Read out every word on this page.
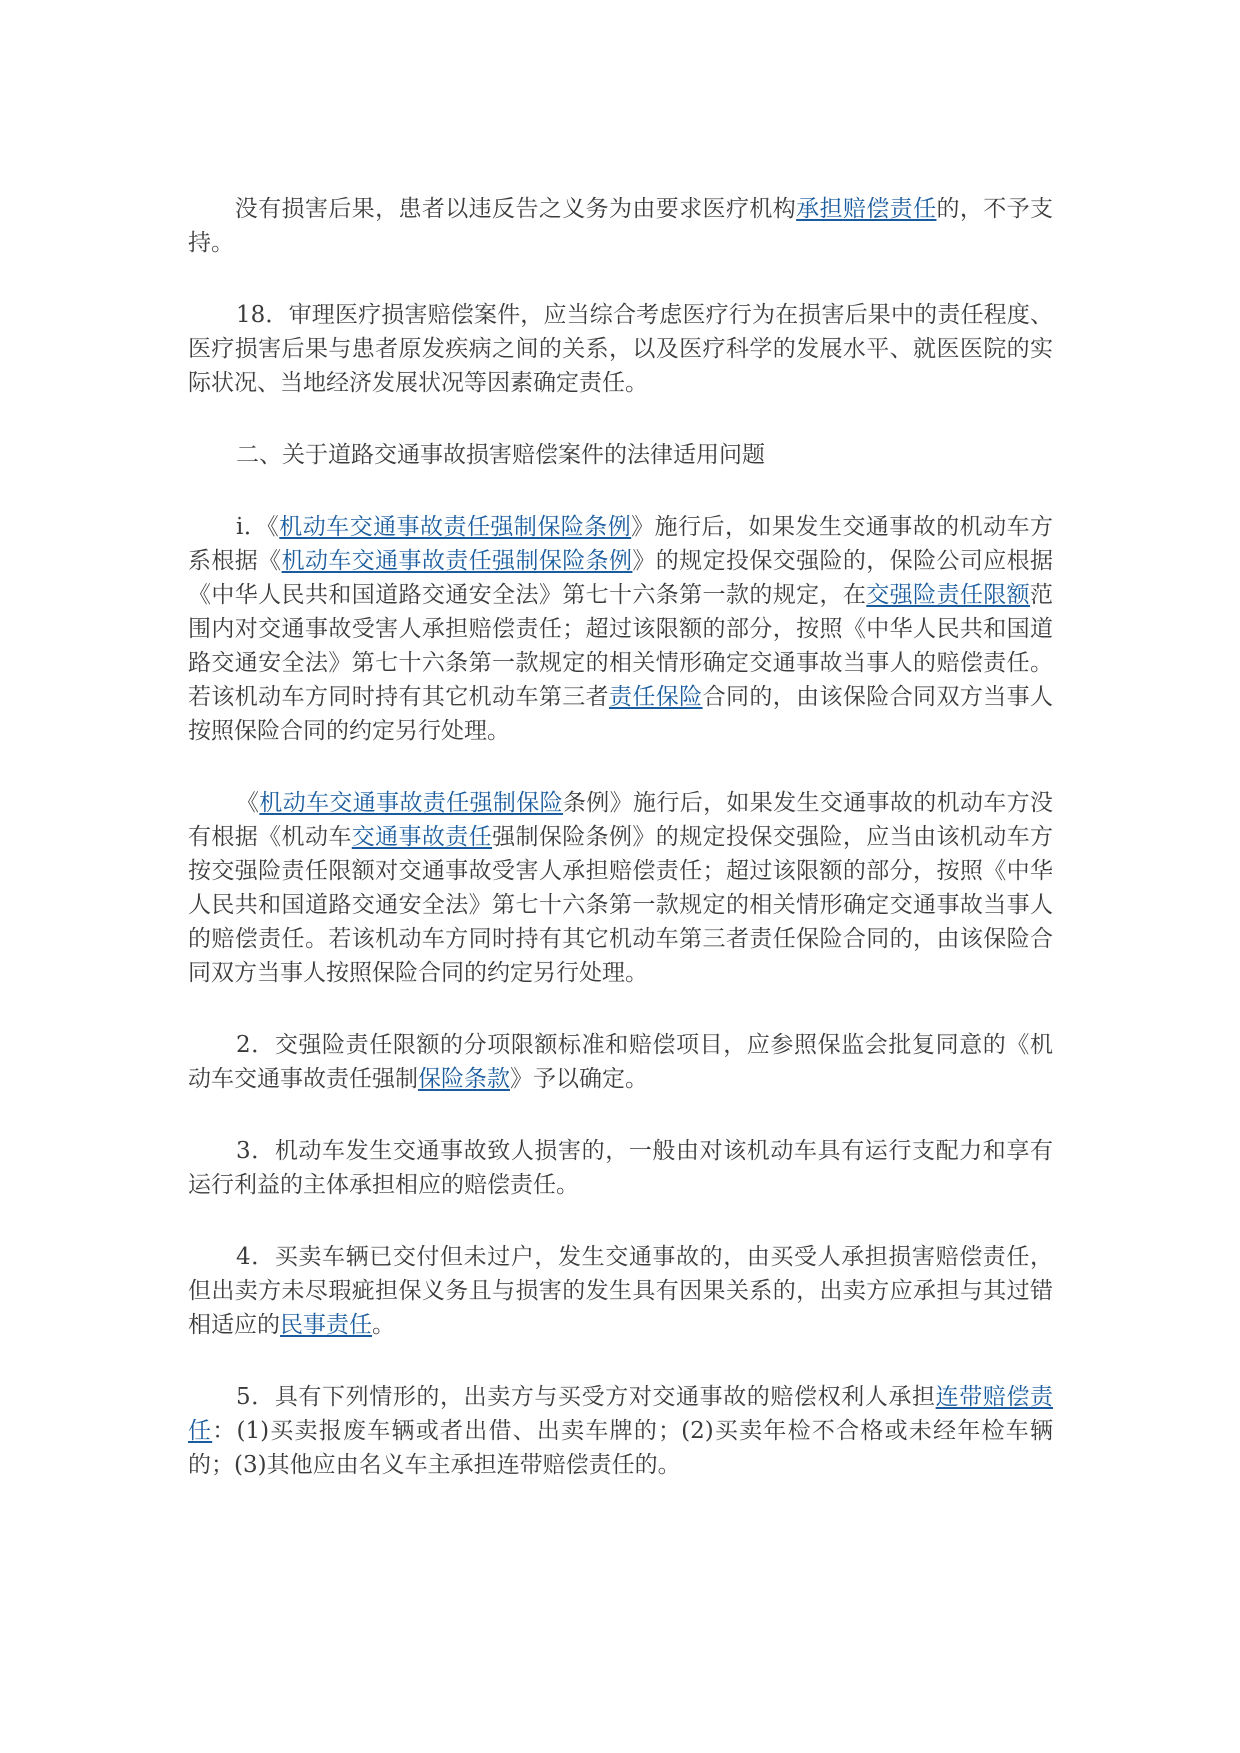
　　没有损害后果，患者以违反告之义务为由要求医疗机构承担赔偿责任的，不予支持。

18．审理医疗损害赔偿案件，应当综合考虑医疗行为在损害后果中的责任程度、医疗损害后果与患者原发疾病之间的关系，以及医疗科学的发展水平、就医医院的实际状况、当地经济发展状况等因素确定责任。

二、关于道路交通事故损害赔偿案件的法律适用问题

i．《机动车交通事故责任强制保险条例》施行后，如果发生交通事故的机动车方系根据《机动车交通事故责任强制保险条例》的规定投保交强险的，保险公司应根据《中华人民共和国道路交通安全法》第七十六条第一款的规定，在交强险责任限额范围内对交通事故受害人承担赔偿责任；超过该限额的部分，按照《中华人民共和国道路交通安全法》第七十六条第一款规定的相关情形确定交通事故当事人的赔偿责任。若该机动车方同时持有其它机动车第三者责任保险合同的，由该保险合同双方当事人按照保险合同的约定另行处理。

《机动车交通事故责任强制保险条例》施行后，如果发生交通事故的机动车方没有根据《机动车交通事故责任强制保险条例》的规定投保交强险，应当由该机动车方按交强险责任限额对交通事故受害人承担赔偿责任；超过该限额的部分，按照《中华人民共和国道路交通安全法》第七十六条第一款规定的相关情形确定交通事故当事人的赔偿责任。若该机动车方同时持有其它机动车第三者责任保险合同的，由该保险合同双方当事人按照保险合同的约定另行处理。

2．交强险责任限额的分项限额标准和赔偿项目，应参照保监会批复同意的《机动车交通事故责任强制保险条款》予以确定。

3．机动车发生交通事故致人损害的，一般由对该机动车具有运行支配力和享有运行利益的主体承担相应的赔偿责任。

4．买卖车辆已交付但未过户，发生交通事故的，由买受人承担损害赔偿责任，但出卖方未尽瑕疵担保义务且与损害的发生具有因果关系的，出卖方应承担与其过错相适应的民事责任。

5．具有下列情形的，出卖方与买受方对交通事故的赔偿权利人承担连带赔偿责任：(1)买卖报废车辆或者出借、出卖车牌的；(2)买卖年检不合格或未经年检车辆的；(3)其他应由名义车主承担连带赔偿责任的。
